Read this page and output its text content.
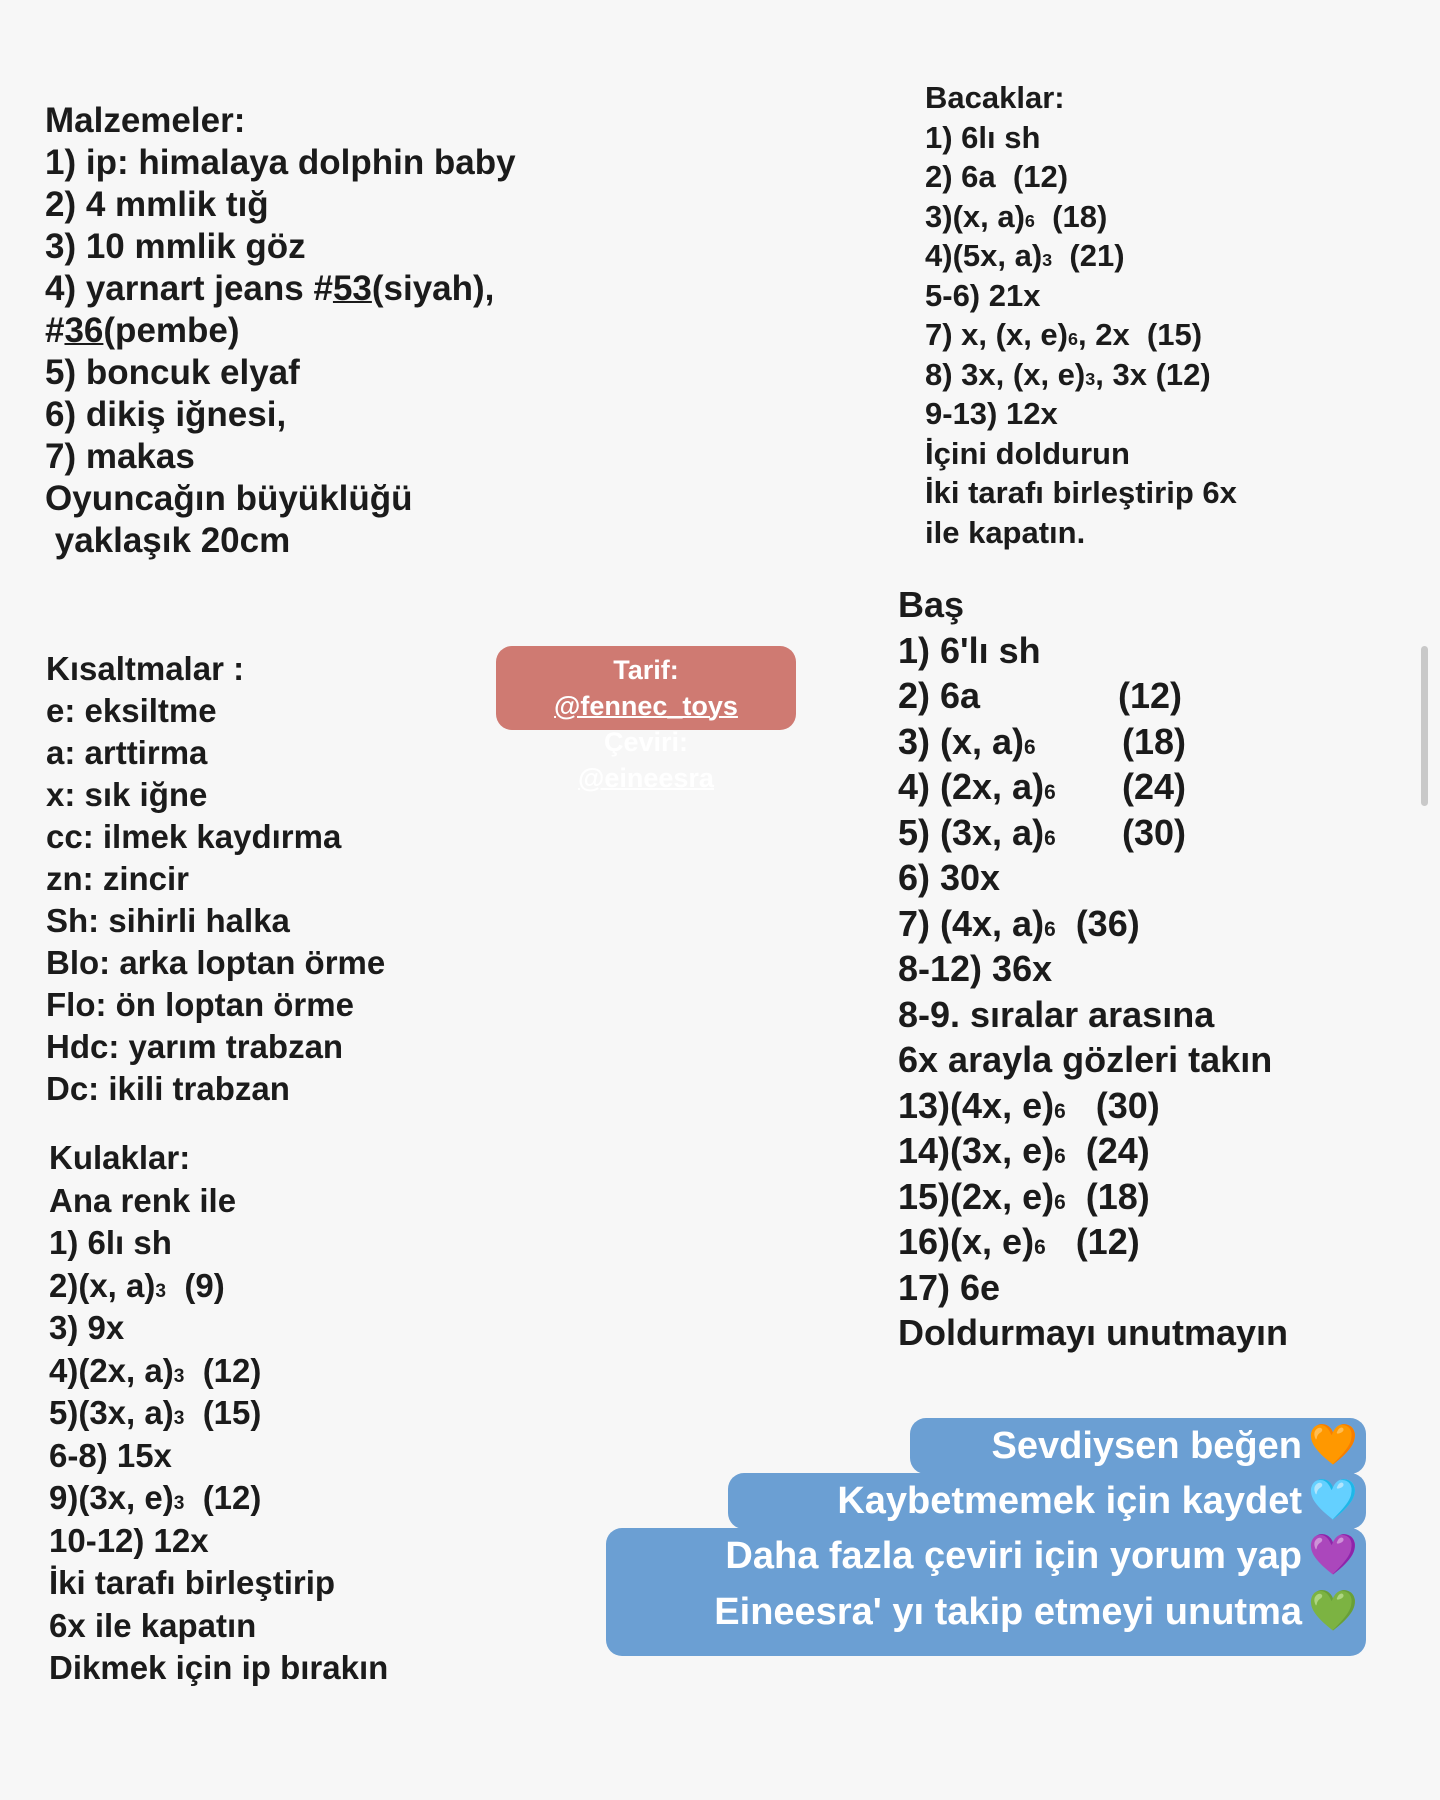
Malzemeler:
1) ip: himalaya dolphin baby
2) 4 mmlik tığ
3) 10 mmlik göz
4) yarnart jeans #53(siyah),
#36(pembe)
5) boncuk elyaf
6) dikiş iğnesi,
7) makas
Oyuncağın büyüklüğü
yaklaşık 20cm
Kısaltmalar :
e: eksiltme
a: arttirma
x: sık iğne
cc: ilmek kaydırma
zn: zincir
Sh: sihirli halka
Blo: arka loptan örme
Flo: ön loptan örme
Hdc: yarım trabzan
Dc: ikili trabzan
Kulaklar:
Ana renk ile
1) 6lı sh
2)(x, a)$^3$  (9)
3) 9x
4)(2x, a)$^3$  (12)
5)(3x, a)$^3$  (15)
6-8) 15x
9)(3x, e)$^3$  (12)
10-12) 12x
İki tarafı birleştirip
6x ile kapatın
Dikmek için ip bırakın
Bacaklar:
1) 6lı sh
2) 6a  (12)
3)(x, a)$^6$  (18)
4)(5x, a)$^3$  (21)
5-6) 21x
7) x, (x, e)$^6$, 2x  (15)
8) 3x, (x, e)$^3$, 3x (12)
9-13) 12x
İçini doldurun
İki tarafı birleştirip 6x
ile kapatın.
Baş
1) 6'lı sh
2) 6a	(12)
3) (x, a)$^6$ (18)
4) (2x, a)$^6$ (24)
5) (3x, a)$^6$ (30)
6) 30x
7) (4x, a)$^6$  (36)
8-12) 36x
8-9. sıralar arasına
6x arayla gözleri takın
13)(4x, e)$^6$   (30)
14)(3x, e)$^6$  (24)
15)(2x, e)$^6$  (18)
16)(x, e)$^6$   (12)
17) 6e
Doldurmayı unutmayın
Tarif:
@fennec_toys
Çeviri:
@eineesra
Sevdiysen beğen 🧡
Kaybetmemek için kaydet 🩵
Daha fazla çeviri için yorum yap 💜
Eineesra' yı takip etmeyi unutma 💚
